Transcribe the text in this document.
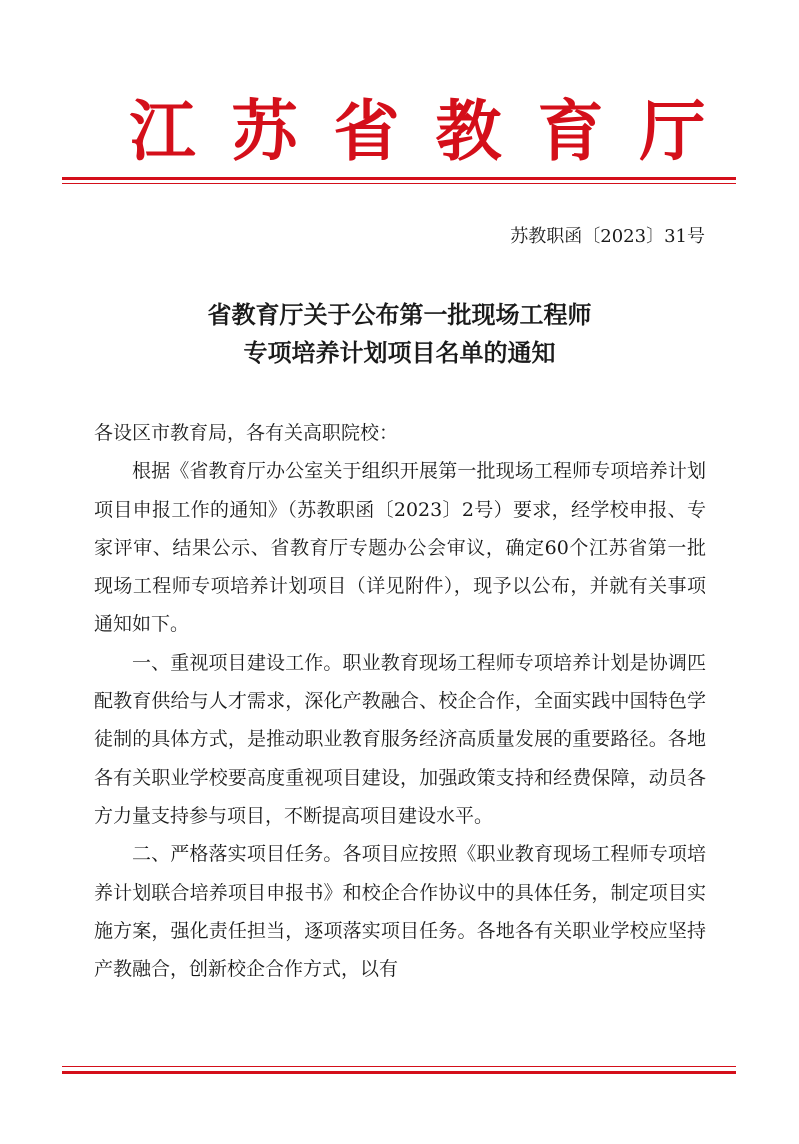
江苏省教育厅
苏教职函〔2023〕31号
省教育厅关于公布第一批现场工程师
专项培养计划项目名单的通知

各设区市教育局，各有关高职院校：

根据《省教育厅办公室关于组织开展第一批现场工程师专项培养计划项目申报工作的通知》（苏教职函〔2023〕2号）要求，经学校申报、专家评审、结果公示、省教育厅专题办公会审议，确定60个江苏省第一批现场工程师专项培养计划项目（详见附件），现予以公布，并就有关事项通知如下。

一、重视项目建设工作。职业教育现场工程师专项培养计划是协调匹配教育供给与人才需求，深化产教融合、校企合作，全面实践中国特色学徒制的具体方式，是推动职业教育服务经济高质量发展的重要路径。各地各有关职业学校要高度重视项目建设，加强政策支持和经费保障，动员各方力量支持参与项目，不断提高项目建设水平。

二、严格落实项目任务。各项目应按照《职业教育现场工程师专项培养计划联合培养项目申报书》和校企合作协议中的具体任务，制定项目实施方案，强化责任担当，逐项落实项目任务。各地各有关职业学校应坚持产教融合，创新校企合作方式，以有
